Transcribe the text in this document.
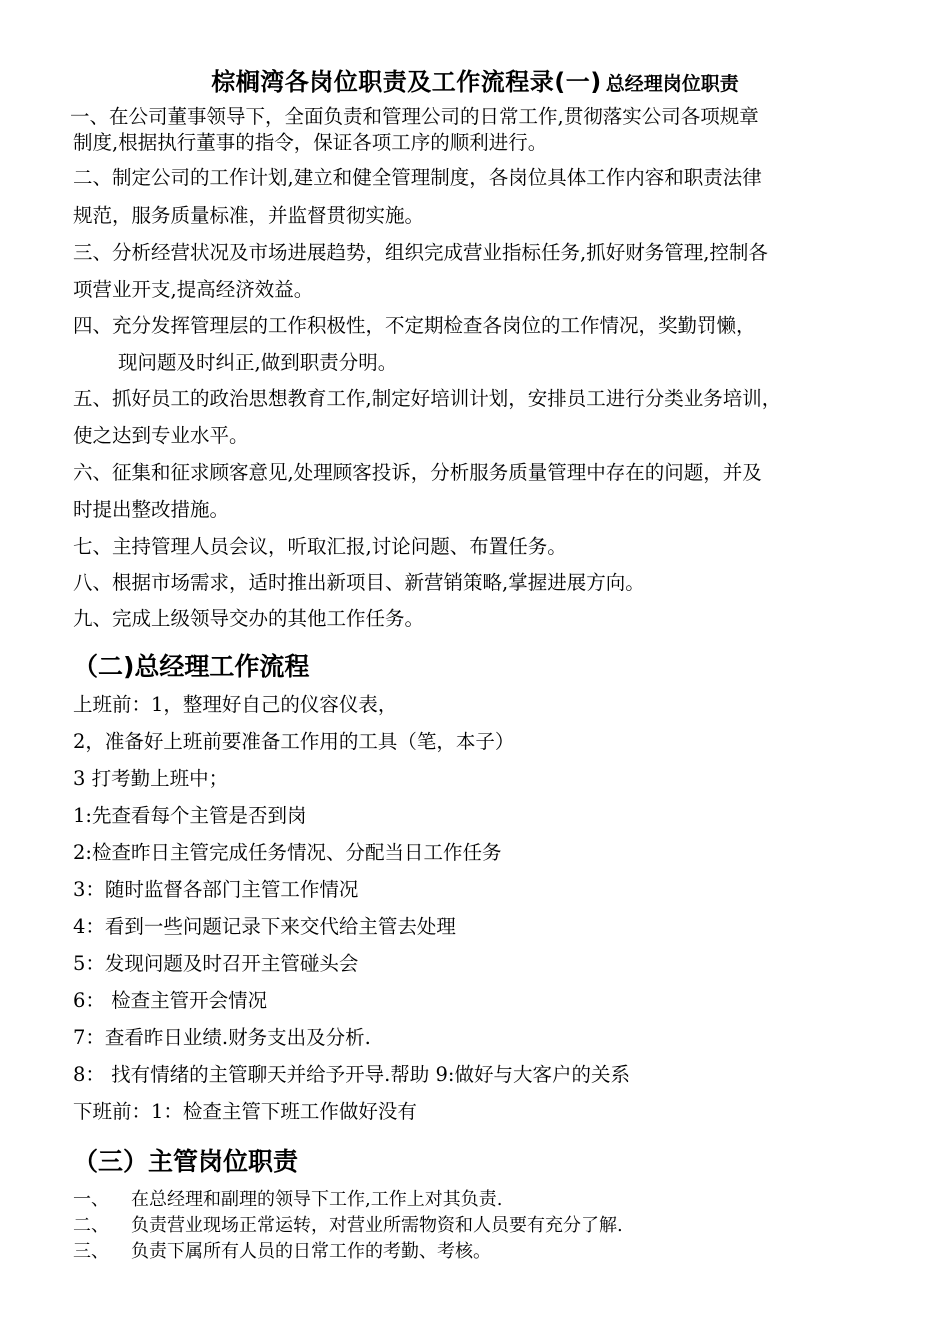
棕榈湾各岗位职责及工作流程录(一) 总经理岗位职责
一、在公司董事领导下，全面负责和管理公司的日常工作,贯彻落实公司各项规章
制度,根据执行董事的指令，保证各项工序的顺利进行。
二、制定公司的工作计划,建立和健全管理制度，各岗位具体工作内容和职责法律
规范，服务质量标准，并监督贯彻实施。
三、分析经营状况及市场进展趋势，组织完成营业指标任务,抓好财务管理,控制各
项营业开支,提高经济效益。
四、充分发挥管理层的工作积极性，不定期检查各岗位的工作情况，奖勤罚懒，
现问题及时纠正,做到职责分明。
五、抓好员工的政治思想教育工作,制定好培训计划，安排员工进行分类业务培训，
使之达到专业水平。
六、征集和征求顾客意见,处理顾客投诉，分析服务质量管理中存在的问题，并及
时提出整改措施。
七、主持管理人员会议，听取汇报,讨论问题、布置任务。
八、根据市场需求，适时推出新项目、新营销策略,掌握进展方向。
九、完成上级领导交办的其他工作任务。
（二)总经理工作流程
上班前：1，整理好自己的仪容仪表，
2，准备好上班前要准备工作用的工具（笔，本子）
3 打考勤上班中；
1:先查看每个主管是否到岗
2:检查昨日主管完成任务情况、分配当日工作任务
3：随时监督各部门主管工作情况
4：看到一些问题记录下来交代给主管去处理
5：发现问题及时召开主管碰头会
6： 检查主管开会情况
7：查看昨日业绩.财务支出及分析.
8： 找有情绪的主管聊天并给予开导.帮助 9:做好与大客户的关系
下班前：1：检查主管下班工作做好没有
（三）主管岗位职责
一、 在总经理和副理的领导下工作,工作上对其负责.
二、 负责营业现场正常运转，对营业所需物资和人员要有充分了解.
三、 负责下属所有人员的日常工作的考勤、考核。
